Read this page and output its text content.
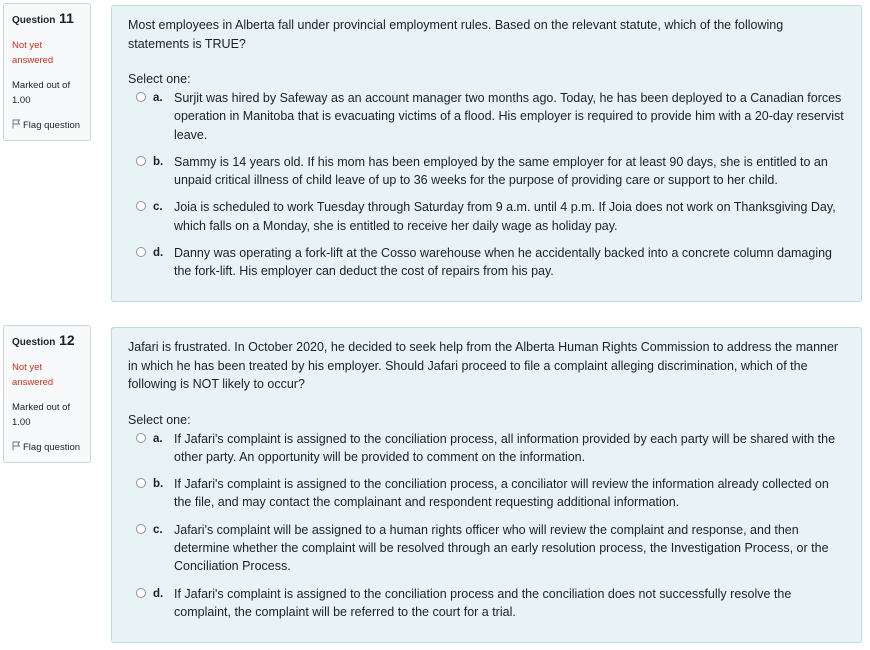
Question 11
Not yet answered
Marked out of 1.00
Flag question

Most employees in Alberta fall under provincial employment rules. Based on the relevant statute, which of the following statements is TRUE?

Select one:

a. Surjit was hired by Safeway as an account manager two months ago. Today, he has been deployed to a Canadian forces operation in Manitoba that is evacuating victims of a flood. His employer is required to provide him with a 20-day reservist leave.
b. Sammy is 14 years old. If his mom has been employed by the same employer for at least 90 days, she is entitled to an unpaid critical illness of child leave of up to 36 weeks for the purpose of providing care or support to her child.
c. Joia is scheduled to work Tuesday through Saturday from 9 a.m. until 4 p.m. If Joia does not work on Thanksgiving Day, which falls on a Monday, she is entitled to receive her daily wage as holiday pay.
d. Danny was operating a fork-lift at the Cosso warehouse when he accidentally backed into a concrete column damaging the fork-lift. His employer can deduct the cost of repairs from his pay.
Question 12
Not yet answered
Marked out of 1.00
Flag question

Jafari is frustrated. In October 2020, he decided to seek help from the Alberta Human Rights Commission to address the manner in which he has been treated by his employer. Should Jafari proceed to file a complaint alleging discrimination, which of the following is NOT likely to occur?

Select one:

a. If Jafari's complaint is assigned to the conciliation process, all information provided by each party will be shared with the other party. An opportunity will be provided to comment on the information.
b. If Jafari's complaint is assigned to the conciliation process, a conciliator will review the information already collected on the file, and may contact the complainant and respondent requesting additional information.
c. Jafari's complaint will be assigned to a human rights officer who will review the complaint and response, and then determine whether the complaint will be resolved through an early resolution process, the Investigation Process, or the Conciliation Process.
d. If Jafari's complaint is assigned to the conciliation process and the conciliation does not successfully resolve the complaint, the complaint will be referred to the court for a trial.
